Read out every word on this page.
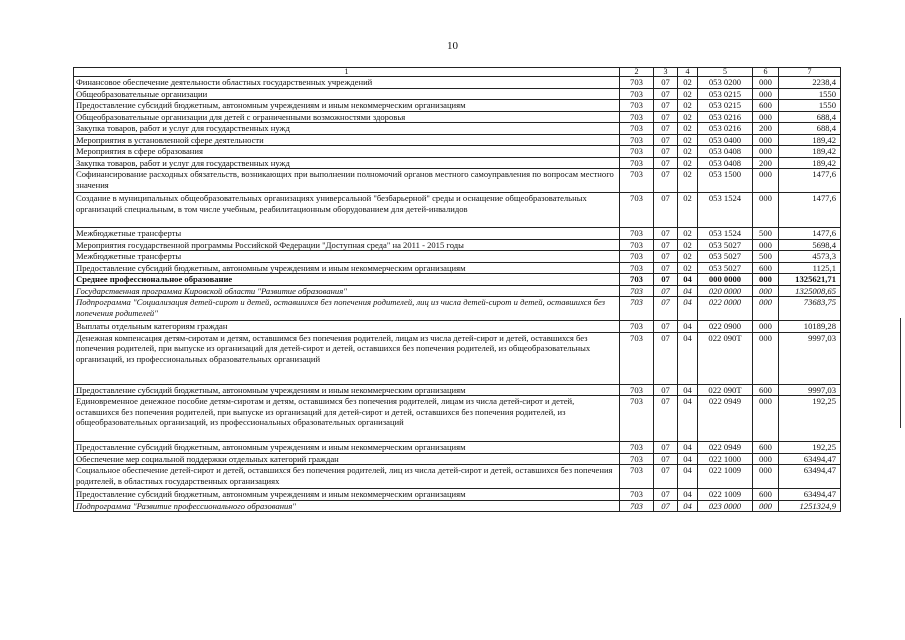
10
1	2	3	4	5	6	7
Финансовое обеспечение деятельности областных государственных учреждений	703	07	02	053 0200	000	2238,4
Общеобразовательные организации	703	07	02	053 0215	000	1550
Предоставление субсидий бюджетным, автономным учреждениям и иным некоммерческим организациям	703	07	02	053 0215	600	1550
Общеобразовательные организации для детей с ограниченными возможностями здоровья	703	07	02	053 0216	000	688,4
Закупка товаров, работ и услуг для государственных нужд	703	07	02	053 0216	200	688,4
Мероприятия в установленной сфере деятельности	703	07	02	053 0400	000	189,42
Мероприятия в сфере образования	703	07	02	053 0408	000	189,42
Закупка товаров, работ и услуг для государственных нужд	703	07	02	053 0408	200	189,42
Софинансирование расходных обязательств, возникающих при выполнении полномочий органов местного самоуправления по вопросам местного значения	703	07	02	053 1500	000	1477,6
Создание в муниципальных общеобразовательных организациях универсальной "безбарьерной" среды и оснащение общеобразовательных организаций специальным, в том числе учебным, реабилитационным оборудованием для детей-инвалидов	703	07	02	053 1524	000	1477,6
Межбюджетные трансферты	703	07	02	053 1524	500	1477,6
Мероприятия государственной программы Российской Федерации "Доступная среда" на 2011 - 2015 годы	703	07	02	053 5027	000	5698,4
Межбюджетные трансферты	703	07	02	053 5027	500	4573,3
Предоставление субсидий бюджетным, автономным учреждениям и иным некоммерческим организациям	703	07	02	053 5027	600	1125,1
Среднее профессиональное образование	703	07	04	000 0000	000	1325621,71
Государственная программа Кировской области "Развитие образования"	703	07	04	020 0000	000	1325008,65
Подпрограмма "Социализация детей-сирот и детей, оставшихся без попечения родителей, лиц из числа детей-сирот и детей, оставшихся без попечения родителей"	703	07	04	022 0000	000	73683,75
Выплаты отдельным категориям граждан	703	07	04	022 0900	000	10189,28
Денежная компенсация детям-сиротам и детям, оставшимся без попечения родителей, лицам из числа детей-сирот и детей, оставшихся без попечения родителей, при выпуске из организаций для детей-сирот и детей, оставшихся без попечения родителей, из общеобразовательных организаций, из профессиональных образовательных организаций	703	07	04	022 090Т	000	9997,03
Предоставление субсидий бюджетным, автономным учреждениям и иным некоммерческим организациям	703	07	04	022 090Т	600	9997,03
Единовременное денежное пособие детям-сиротам и детям, оставшимся без попечения родителей, лицам из числа детей-сирот и детей, оставшихся без попечения родителей, при выпуске из организаций для детей-сирот и детей, оставшихся без попечения родителей, из общеобразовательных организаций, из профессиональных образовательных организаций	703	07	04	022 0949	000	192,25
Предоставление субсидий бюджетным, автономным учреждениям и иным некоммерческим организациям	703	07	04	022 0949	600	192,25
Обеспечение мер социальной поддержки отдельных категорий граждан	703	07	04	022 1000	000	63494,47
Социальное обеспечение детей-сирот и детей, оставшихся без попечения родителей, лиц из числа детей-сирот и детей, оставшихся без попечения родителей, в областных государственных организациях	703	07	04	022 1009	000	63494,47
Предоставление субсидий бюджетным, автономным учреждениям и иным некоммерческим организациям	703	07	04	022 1009	600	63494,47
Подпрограмма "Развитие профессионального образования"	703	07	04	023 0000	000	1251324,9
